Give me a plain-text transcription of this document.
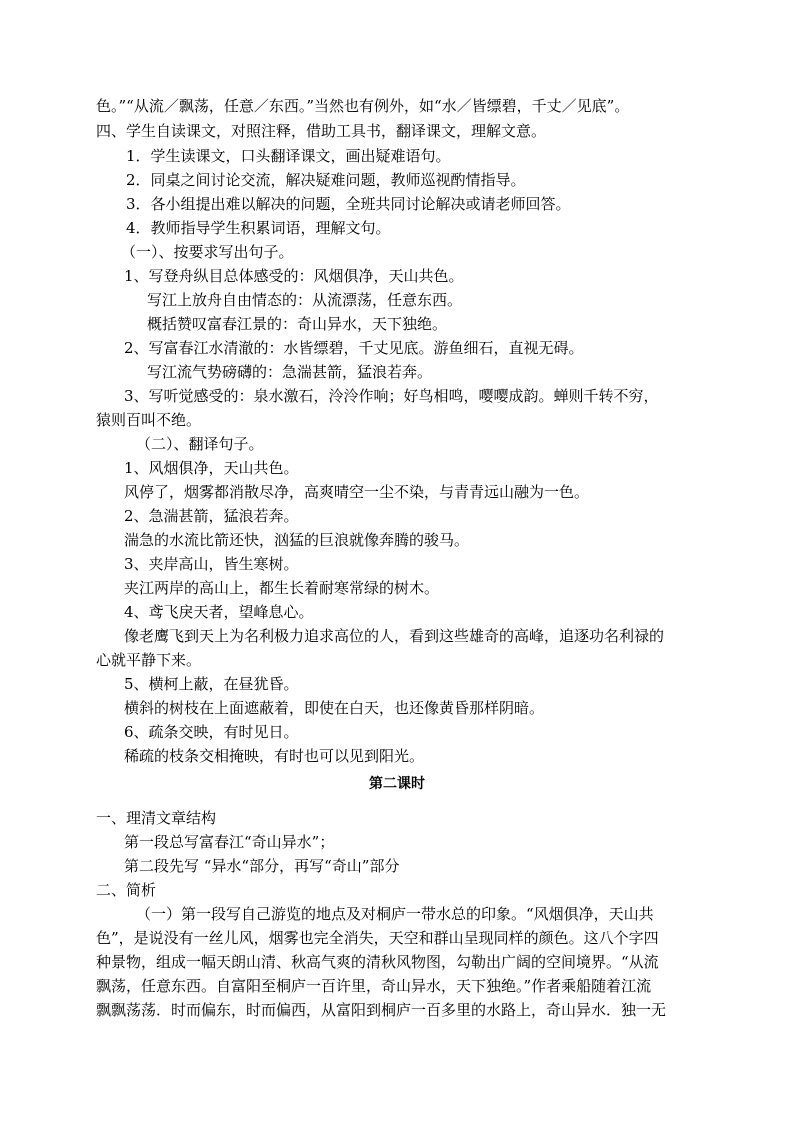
色。”“从流／飘荡，任意／东西。”当然也有例外，如“水／皆缥碧，千丈／见底”。
四、学生自读课文，对照注释，借助工具书，翻译课文，理解文意。
1．学生读课文，口头翻译课文，画出疑难语句。
2．同桌之间讨论交流，解决疑难问题，教师巡视酌情指导。
3．各小组提出难以解决的问题，全班共同讨论解决或请老师回答。
4．教师指导学生积累词语，理解文句。
（一）、按要求写出句子。
1、写登舟纵目总体感受的：风烟俱净，天山共色。
写江上放舟自由情态的：从流漂荡，任意东西。
概括赞叹富春江景的：奇山异水，天下独绝。
2、写富春江水清澈的：水皆缥碧，千丈见底。游鱼细石，直视无碍。
写江流气势磅礴的：急湍甚箭，猛浪若奔。
3、写听觉感受的：泉水激石，泠泠作响；好鸟相鸣，嘤嘤成韵。蝉则千转不穷，
猿则百叫不绝。
（二）、翻译句子。
1、风烟俱净，天山共色。
风停了，烟雾都消散尽净，高爽晴空一尘不染，与青青远山融为一色。
2、急湍甚箭，猛浪若奔。
湍急的水流比箭还快，汹猛的巨浪就像奔腾的骏马。
3、夹岸高山，皆生寒树。
夹江两岸的高山上，都生长着耐寒常绿的树木。
4、鸢飞戾天者，望峰息心。
像老鹰飞到天上为名利极力追求高位的人，看到这些雄奇的高峰，追逐功名利禄的
心就平静下来。
5、横柯上蔽，在昼犹昏。
横斜的树枝在上面遮蔽着，即使在白天，也还像黄昏那样阴暗。
6、疏条交映，有时见日。
稀疏的枝条交相掩映，有时也可以见到阳光。
第二课时
一、理清文章结构
第一段总写富春江“奇山异水”；
第二段先写 “异水“部分，再写“奇山”部分
二、简析
（一）第一段写自己游览的地点及对桐庐一带水总的印象。“风烟俱净，天山共
色”，是说没有一丝儿风，烟雾也完全消失，天空和群山呈现同样的颜色。这八个字四
种景物，组成一幅天朗山清、秋高气爽的清秋风物图，勾勒出广阔的空间境界。“从流
飘荡，任意东西。自富阳至桐庐一百许里，奇山异水，天下独绝。”作者乘船随着江流
飘飘荡荡．时而偏东，时而偏西，从富阳到桐庐一百多里的水路上，奇山异水．独一无
